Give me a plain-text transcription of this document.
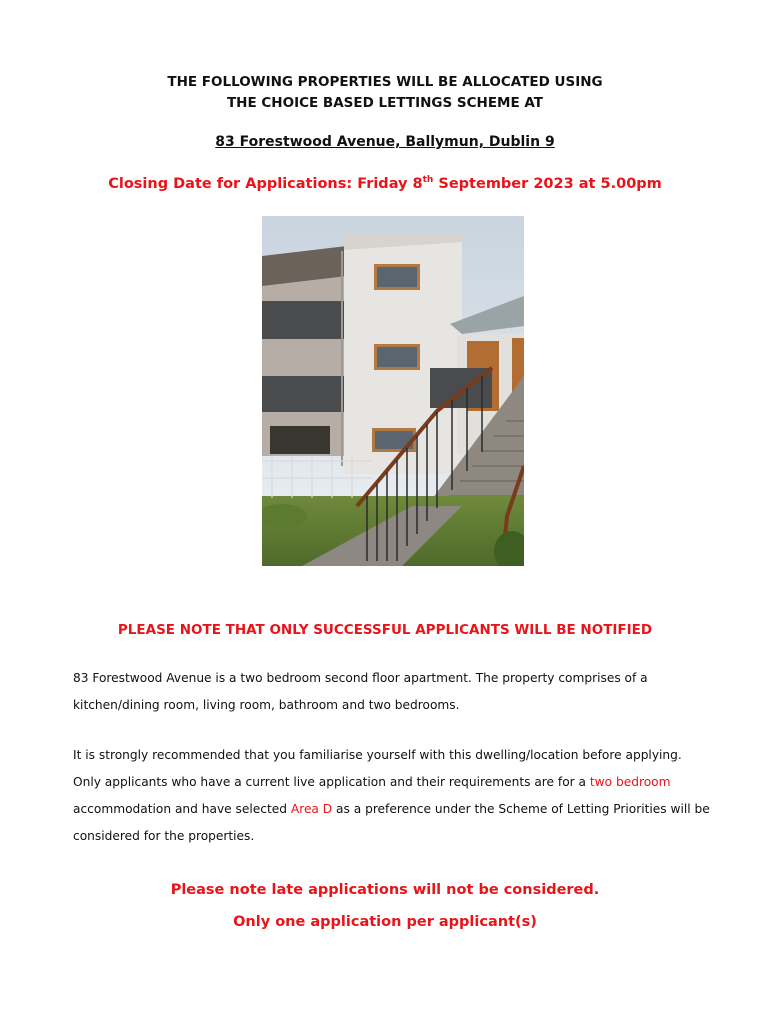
THE FOLLOWING PROPERTIES WILL BE ALLOCATED USING
THE CHOICE BASED LETTINGS SCHEME AT
83 Forestwood Avenue, Ballymun, Dublin 9
Closing Date for Applications: Friday 8th September 2023 at 5.00pm
PLEASE NOTE THAT ONLY SUCCESSFUL APPLICANTS WILL BE NOTIFIED
83 Forestwood Avenue is a two bedroom second floor apartment. The property comprises of a kitchen/dining room, living room, bathroom and two bedrooms.
It is strongly recommended that you familiarise yourself with this dwelling/location before applying. Only applicants who have a current live application and their requirements are for a two bedroom accommodation and have selected Area D as a preference under the Scheme of Letting Priorities will be considered for the properties.
Please note late applications will not be considered.
Only one application per applicant(s)
